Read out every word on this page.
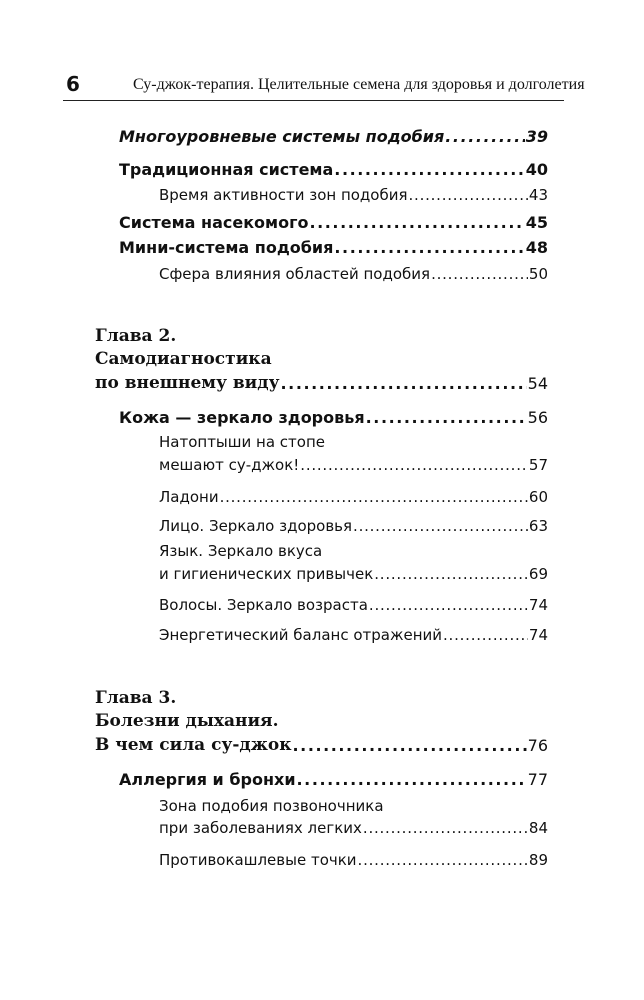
6	Су-джок-терапия. Целительные семена для здоровья и долголетия
Многоуровневые системы подобия . . .	39
Традиционная система . . .	40
Время активности зон подобия . . .	43
Система насекомого . . .	45
Мини-система подобия . . .	48
Сфера влияния областей подобия . . .	50
Глава 2.
Самодиагностика
по внешнему виду . . .	54
Кожа — зеркало здоровья . . .	56
Натоптыши на стопе
мешают су-джок! . . .	57
Ладони . . .	60
Лицо. Зеркало здоровья . . .	63
Язык. Зеркало вкуса
и гигиенических привычек . . .	69
Волосы. Зеркало возраста . . .	74
Энергетический баланс отражений . . .	74
Глава 3.
Болезни дыхания.
В чем сила су-джок . . .	76
Аллергия и бронхи . . .	77
Зона подобия позвоночника
при заболеваниях легких . . .	84
Противокашлевые точки . . .	89
